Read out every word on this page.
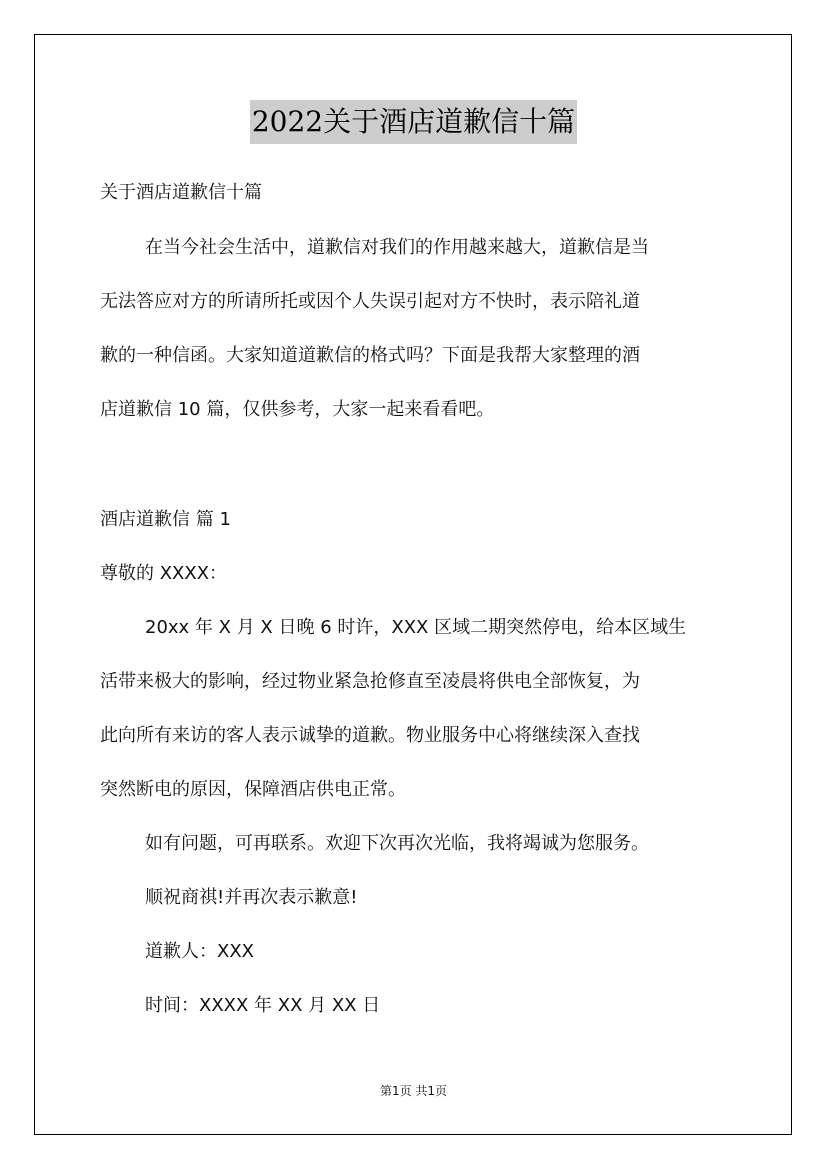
2022关于酒店道歉信十篇
关于酒店道歉信十篇
在当今社会生活中，道歉信对我们的作用越来越大，道歉信是当
无法答应对方的所请所托或因个人失误引起对方不快时，表示陪礼道
歉的一种信函。大家知道道歉信的格式吗？下面是我帮大家整理的酒
店道歉信 10 篇，仅供参考，大家一起来看看吧。
酒店道歉信 篇 1
尊敬的 XXXX：
20xx 年 X 月 X 日晚 6 时许，XXX 区域二期突然停电，给本区域生
活带来极大的影响，经过物业紧急抢修直至凌晨将供电全部恢复，为
此向所有来访的客人表示诚挚的道歉。物业服务中心将继续深入查找
突然断电的原因，保障酒店供电正常。
如有问题，可再联系。欢迎下次再次光临，我将竭诚为您服务。
顺祝商祺!并再次表示歉意!
道歉人：XXX
时间：XXXX 年 XX 月 XX 日
第1页 共1页
